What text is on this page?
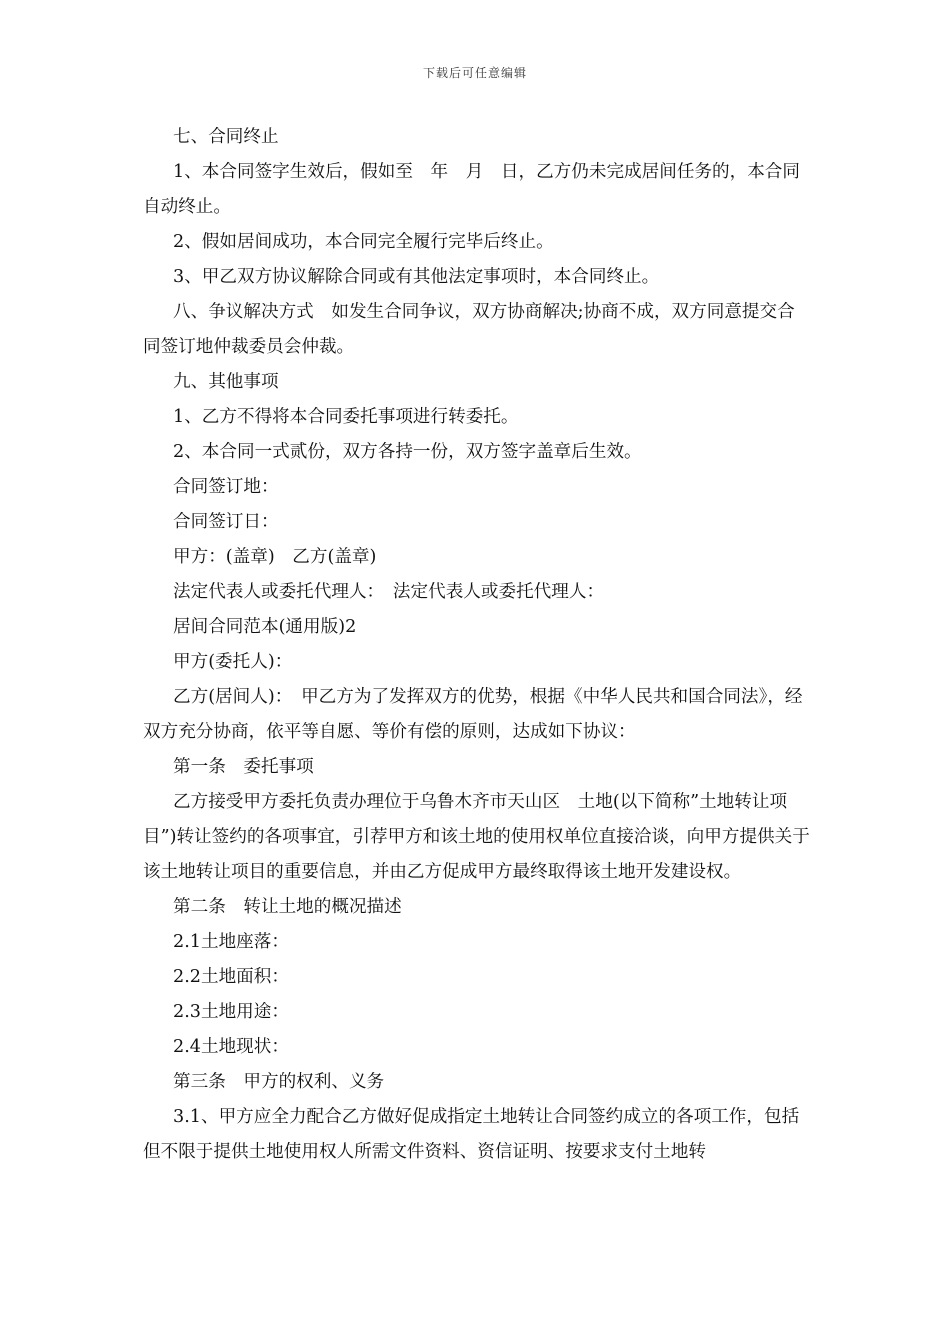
下载后可任意编辑

七、合同终止

1、本合同签字生效后，假如至　年　月　日，乙方仍未完成居间任务的，本合同自动终止。

2、假如居间成功，本合同完全履行完毕后终止。

3、甲乙双方协议解除合同或有其他法定事项时，本合同终止。

八、争议解决方式　如发生合同争议，双方协商解决;协商不成，双方同意提交合同签订地仲裁委员会仲裁。

九、其他事项

1、乙方不得将本合同委托事项进行转委托。

2、本合同一式贰份，双方各持一份，双方签字盖章后生效。

合同签订地：

合同签订日：

甲方：(盖章)　乙方(盖章)

法定代表人或委托代理人：　法定代表人或委托代理人：

居间合同范本(通用版)2

甲方(委托人)：

乙方(居间人)：　甲乙方为了发挥双方的优势，根据《中华人民共和国合同法》，经双方充分协商，依平等自愿、等价有偿的原则，达成如下协议：

第一条　委托事项

乙方接受甲方委托负责办理位于乌鲁木齐市天山区　土地(以下简称”土地转让项目”)转让签约的各项事宜，引荐甲方和该土地的使用权单位直接洽谈，向甲方提供关于该土地转让项目的重要信息，并由乙方促成甲方最终取得该土地开发建设权。

第二条　转让土地的概况描述

2.1土地座落：

2.2土地面积：

2.3土地用途：

2.4土地现状：

第三条　甲方的权利、义务

3.1、甲方应全力配合乙方做好促成指定土地转让合同签约成立的各项工作，包括但不限于提供土地使用权人所需文件资料、资信证明、按要求支付土地转
